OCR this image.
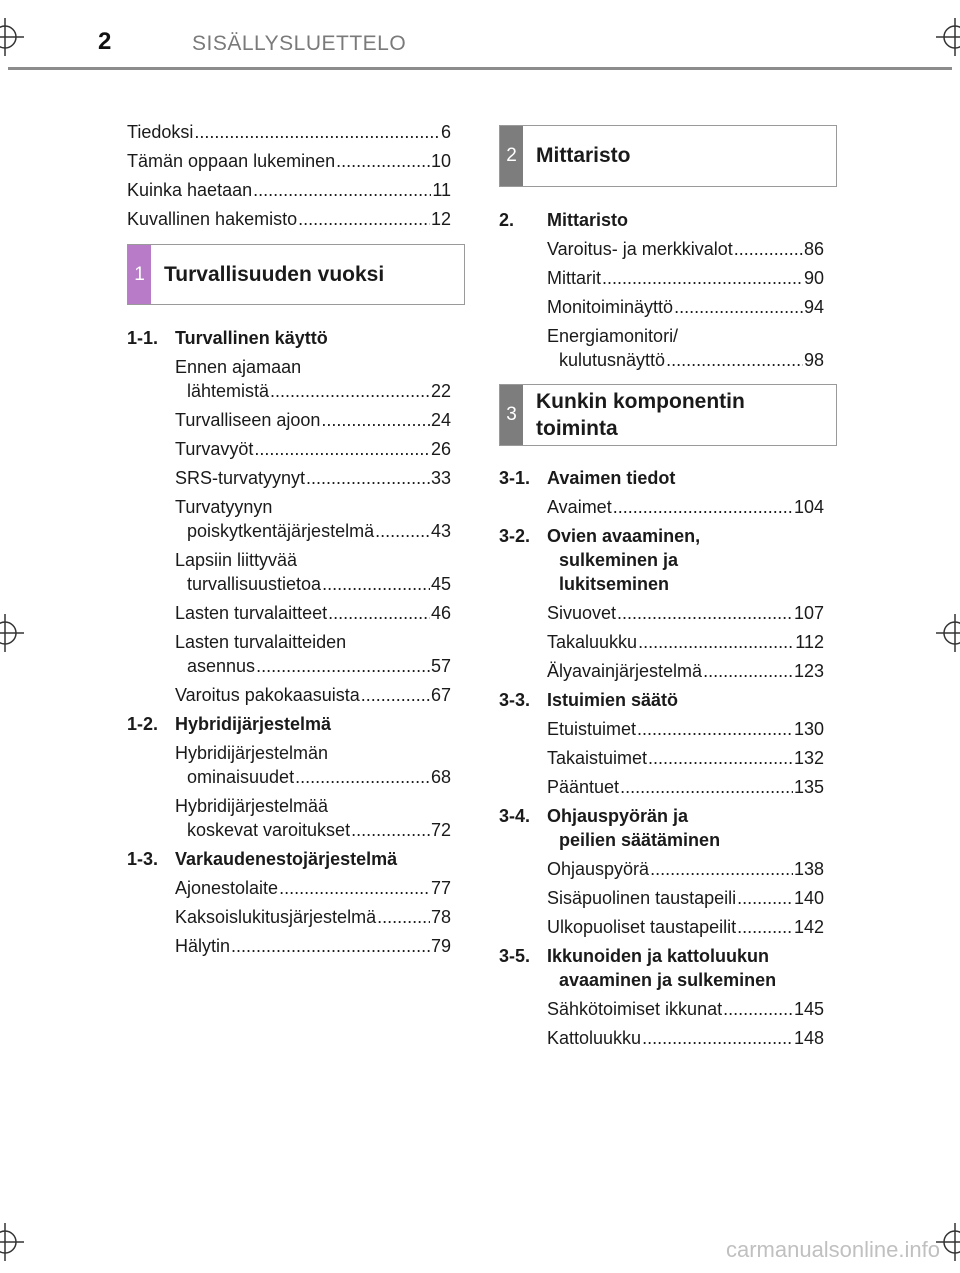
2	SISÄLLYSLUETTELO
Tiedoksi .....	6
Tämän oppaan lukeminen .....	10
Kuinka haetaan .....	11
Kuvallinen hakemisto .....	12
1 Turvallisuuden vuoksi
1-1. Turvallinen käyttö
Ennen ajamaan
lähtemistä .....	22
Turvalliseen ajoon .....	24
Turvavyöt .....	26
SRS-turvatyynyt .....	33
Turvatyynyn
poiskytkentäjärjestelmä .....	43
Lapsiin liittyvää
turvallisuustietoa .....	45
Lasten turvalaitteet .....	46
Lasten turvalaitteiden
asennus .....	57
Varoitus pakokaasuista .....	67
1-2. Hybridijärjestelmä
Hybridijärjestelmän
ominaisuudet .....	68
Hybridijärjestelmää
koskevat varoitukset .....	72
1-3. Varkaudenestojärjestelmä
Ajonestolaite .....	77
Kaksoislukitusjärjestelmä .....	78
Hälytin .....	79
2 Mittaristo
2.	Mittaristo
Varoitus- ja merkkivalot .....	86
Mittarit .....	90
Monitoiminäyttö .....	94
Energiamonitori/
kulutusnäyttö .....	98
3
Kunkin komponentin
toiminta
3-1. Avaimen tiedot
Avaimet .....	104
3-2. Ovien avaaminen,
sulkeminen ja
lukitseminen
Sivuovet .....	107
Takaluukku .....	112
Älyavainjärjestelmä .....	123
3-3. Istuimien säätö
Etuistuimet .....	130
Takaistuimet .....	132
Pääntuet .....	135
3-4. Ohjauspyörän ja
peilien säätäminen
Ohjauspyörä .....	138
Sisäpuolinen taustapeili .....	140
Ulkopuoliset taustapeilit .....	142
3-5. Ikkunoiden ja kattoluukun
avaaminen ja sulkeminen
Sähkötoimiset ikkunat .....	145
Kattoluukku .....	148
carmanualsonline.info
